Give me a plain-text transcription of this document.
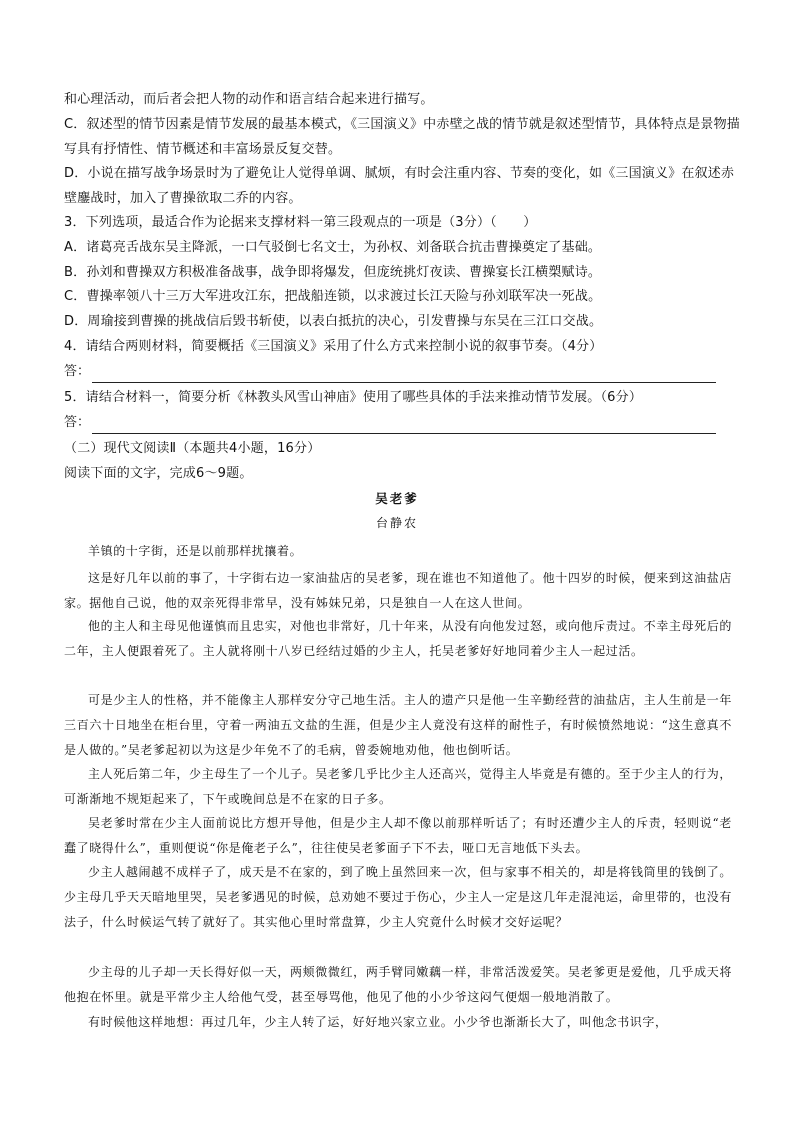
和心理活动，而后者会把人物的动作和语言结合起来进行描写。
C．叙述型的情节因素是情节发展的最基本模式，《三国演义》中赤壁之战的情节就是叙述型情节，具体特点是景物描写具有抒情性、情节概述和丰富场景反复交替。
D．小说在描写战争场景时为了避免让人觉得单调、腻烦，有时会注重内容、节奏的变化，如《三国演义》在叙述赤壁鏖战时，加入了曹操欲取二乔的内容。
3．下列选项，最适合作为论据来支撑材料一第三段观点的一项是（3分）（　　）
A．诸葛亮舌战东吴主降派，一口气驳倒七名文士，为孙权、刘备联合抗击曹操奠定了基础。
B．孙刘和曹操双方积极准备战事，战争即将爆发，但庞统挑灯夜读、曹操宴长江横槊赋诗。
C．曹操率领八十三万大军进攻江东，把战船连锁，以求渡过长江天险与孙刘联军决一死战。
D．周瑜接到曹操的挑战信后毁书斩使，以表白抵抗的决心，引发曹操与东吴在三江口交战。
4．请结合两则材料，简要概括《三国演义》采用了什么方式来控制小说的叙事节奏。（4分）
答：
5．请结合材料一，简要分析《林教头风雪山神庙》使用了哪些具体的手法来推动情节发展。（6分）
答：
（二）现代文阅读Ⅱ（本题共4小题，16分）
阅读下面的文字，完成6～9题。
吴老爹
台静农
羊镇的十字街，还是以前那样扰攘着。
这是好几年以前的事了，十字街右边一家油盐店的吴老爹，现在谁也不知道他了。他十四岁的时候，便来到这油盐店家。据他自己说，他的双亲死得非常早，没有姊妹兄弟，只是独自一人在这人世间。
他的主人和主母见他谨慎而且忠实，对他也非常好，几十年来，从没有向他发过怒，或向他斥责过。不幸主母死后的二年，主人便跟着死了。主人就将刚十八岁已经结过婚的少主人，托吴老爹好好地同着少主人一起过活。
可是少主人的性格，并不能像主人那样安分守己地生活。主人的遗产只是他一生辛勤经营的油盐店，主人生前是一年三百六十日地坐在柜台里，守着一两油五文盐的生涯，但是少主人竟没有这样的耐性子，有时候愤然地说：“这生意真不是人做的。”吴老爹起初以为这是少年免不了的毛病，曾委婉地劝他，他也倒听话。
主人死后第二年，少主母生了一个儿子。吴老爹几乎比少主人还高兴，觉得主人毕竟是有德的。至于少主人的行为，可渐渐地不规矩起来了，下午或晚间总是不在家的日子多。
吴老爹时常在少主人面前说比方想开导他，但是少主人却不像以前那样听话了；有时还遭少主人的斥责，轻则说“老蠢了晓得什么”，重则便说“你是俺老子么”，往往使吴老爹面子下不去，哑口无言地低下头去。
少主人越闹越不成样子了，成天是不在家的，到了晚上虽然回来一次，但与家事不相关的，却是将钱筒里的钱倒了。少主母几乎天天暗地里哭，吴老爹遇见的时候，总劝她不要过于伤心，少主人一定是这几年走混沌运，命里带的，也没有法子，什么时候运气转了就好了。其实他心里时常盘算，少主人究竟什么时候才交好运呢？
少主母的儿子却一天长得好似一天，两颊微微红，两手臂同嫩藕一样，非常活泼爱笑。吴老爹更是爱他，几乎成天将他抱在怀里。就是平常少主人给他气受，甚至辱骂他，他见了他的小少爷这闷气便烟一般地消散了。
有时候他这样地想：再过几年，少主人转了运，好好地兴家立业。小少爷也渐渐长大了，叫他念书识字，
